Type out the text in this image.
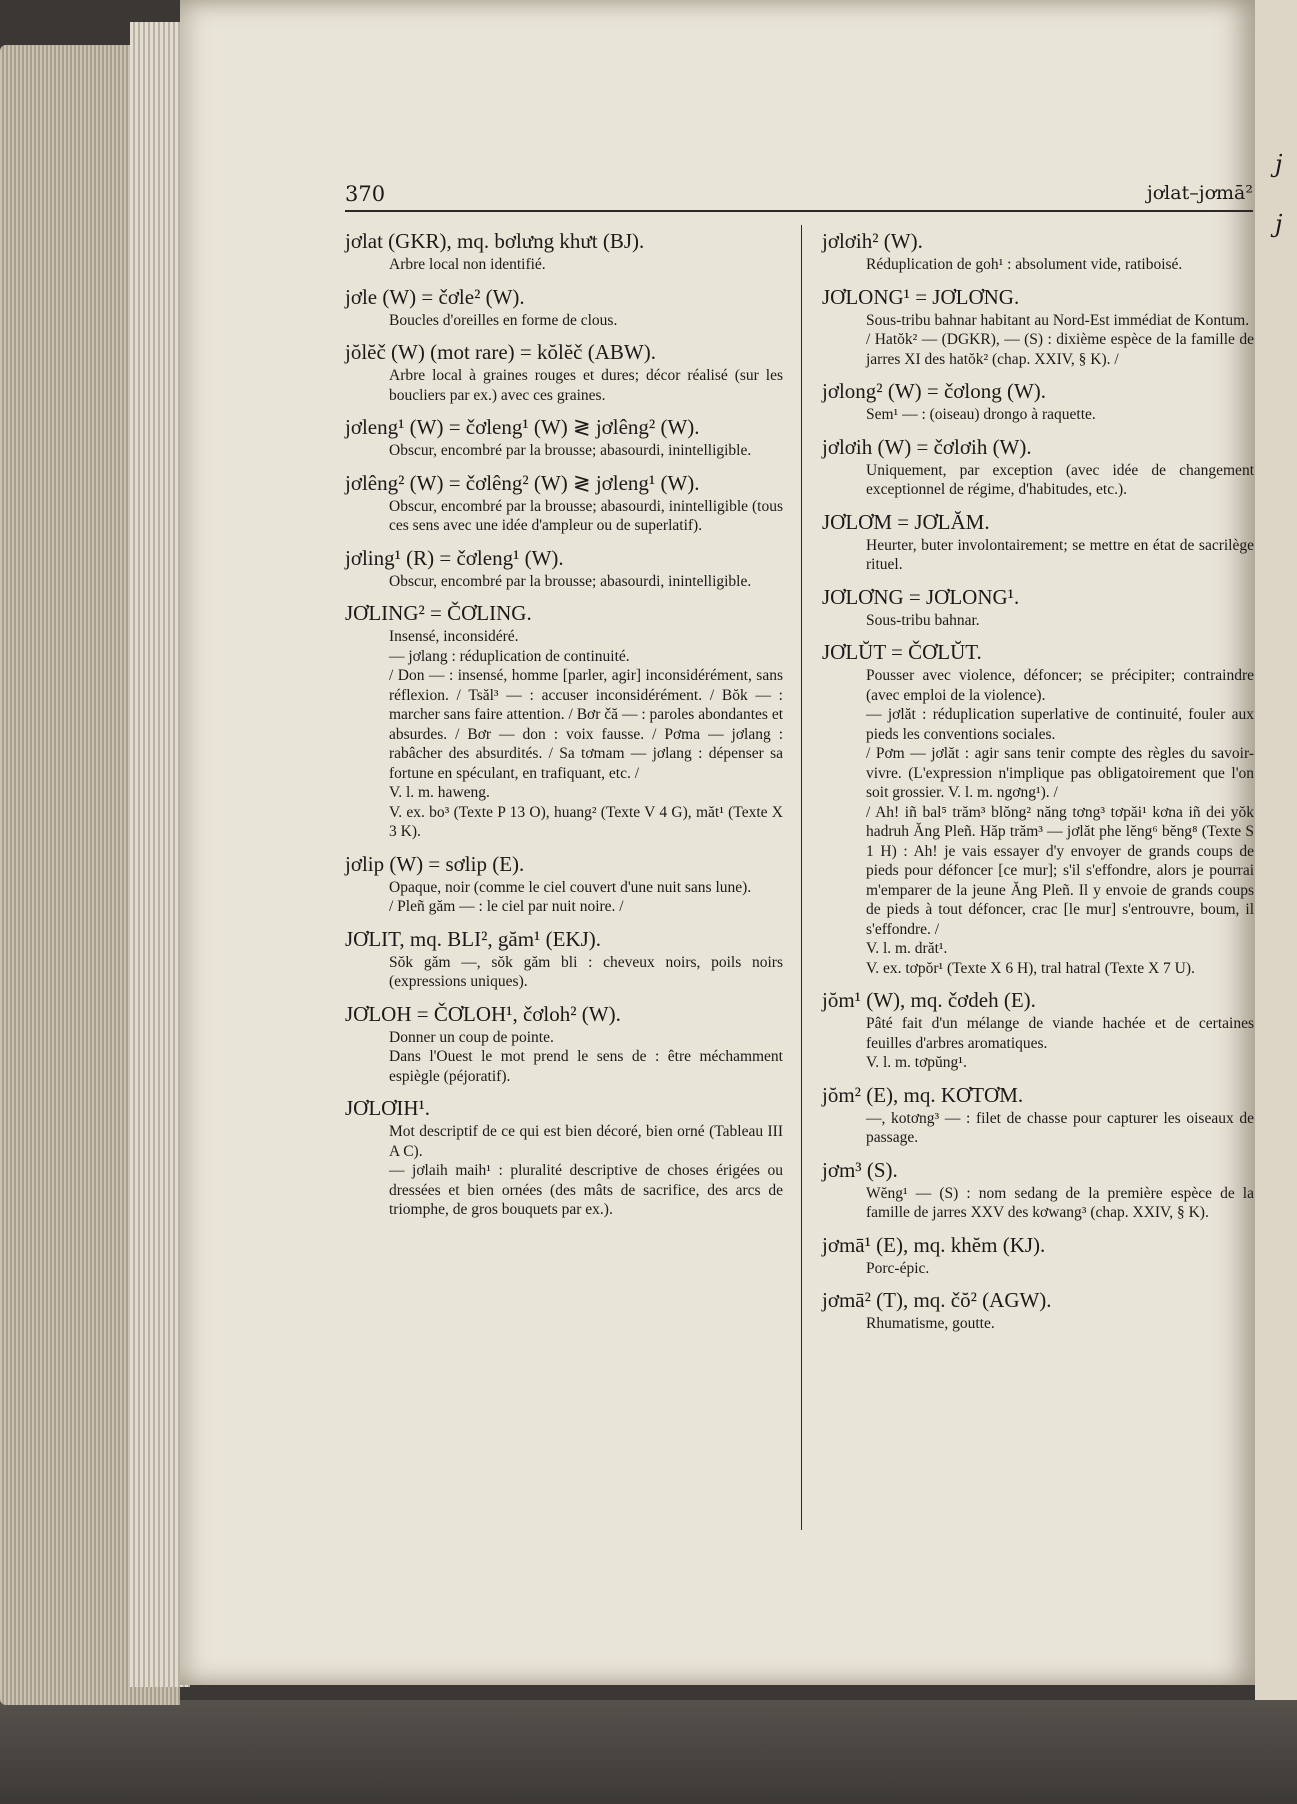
j
j
370	jơlat–jơmā²
jơlat (GKR), mq. bơlưng khưt (BJ).

Arbre local non identifié.

jơle (W) = čơle² (W).

Boucles d'oreilles en forme de clous.

jŏlĕč (W) (mot rare) = kŏlĕč (ABW).

Arbre local à graines rouges et dures; décor réalisé (sur les boucliers par ex.) avec ces graines.

jơleng¹ (W) = čơleng¹ (W) ≷ jơlêng² (W).

Obscur, encombré par la brousse; abasourdi, inintelligible.

jơlêng² (W) = čơlêng² (W) ≷ jơleng¹ (W).

Obscur, encombré par la brousse; abasourdi, inintelligible (tous ces sens avec une idée d'ampleur ou de superlatif).

jơling¹ (R) = čơleng¹ (W).

Obscur, encombré par la brousse; abasourdi, inintelligible.

JƠLING² = ČƠLING.

Insensé, inconsidéré.

— jơlang : réduplication de continuité.

/ Don — : insensé, homme [parler, agir] inconsidérément, sans réflexion. / Tsăl³ — : accuser inconsidérément. / Bŏk — : marcher sans faire attention. / Bơr čă — : paroles abondantes et absurdes. / Bơr — don : voix fausse. / Pơma — jơlang : rabâcher des absurdités. / Sa tơmam — jơlang : dépenser sa fortune en spéculant, en trafiquant, etc. /

V. l. m. haweng.

V. ex. bo³ (Texte P 13 O), huang² (Texte V 4 G), măt¹ (Texte X 3 K).

jơlip (W) = sơlip (E).

Opaque, noir (comme le ciel couvert d'une nuit sans lune).

/ Pleñ găm — : le ciel par nuit noire. /

JƠLIT, mq. BLI², găm¹ (EKJ).

Sŏk găm —, sŏk găm bli : cheveux noirs, poils noirs (expressions uniques).

JƠLOH = ČƠLOH¹, čơloh² (W).

Donner un coup de pointe.

Dans l'Ouest le mot prend le sens de : être méchamment espiègle (péjoratif).

JƠLƠIH¹.

Mot descriptif de ce qui est bien décoré, bien orné (Tableau III A C).

— jơlaih maih¹ : pluralité descriptive de choses érigées ou dressées et bien ornées (des mâts de sacrifice, des arcs de triomphe, de gros bouquets par ex.).

jơlơih² (W).

Réduplication de goh¹ : absolument vide, ratiboisé.

JƠLONG¹ = JƠLƠNG.

Sous-tribu bahnar habitant au Nord-Est immédiat de Kontum.

/ Hatŏk² — (DGKR), — (S) : dixième espèce de la famille de jarres XI des hatŏk² (chap. XXIV, § K). /

jơlong² (W) = čơlong (W).

Sem¹ — : (oiseau) drongo à raquette.

jơlơih (W) = čơlơih (W).

Uniquement, par exception (avec idée de changement exceptionnel de régime, d'habitudes, etc.).

JƠLƠM = JƠLĂM.

Heurter, buter involontairement; se mettre en état de sacrilège rituel.

JƠLƠNG = JƠLONG¹.

Sous-tribu bahnar.

JƠLŬT = ČƠLŬT.

Pousser avec violence, défoncer; se précipiter; contraindre (avec emploi de la violence).

— jơlăt : réduplication superlative de continuité, fouler aux pieds les conventions sociales.

/ Pơm — jơlăt : agir sans tenir compte des règles du savoir-vivre. (L'expression n'implique pas obligatoirement que l'on soit grossier. V. l. m. ngơng¹). /

/ Ah! iñ bal⁵ trăm³ blŏng² năng tơng³ tơpăi¹ kơna iñ dei yŏk hadruh Ăng Pleñ. Hăp trăm³ — jơlăt phe lĕng⁶ bĕng⁸ (Texte S 1 H) : Ah! je vais essayer d'y envoyer de grands coups de pieds pour défoncer [ce mur]; s'il s'effondre, alors je pourrai m'emparer de la jeune Ăng Pleñ. Il y envoie de grands coups de pieds à tout défoncer, crac [le mur] s'entrouvre, boum, il s'effondre. /

V. l. m. drăt¹.

V. ex. tơpŏr¹ (Texte X 6 H), tral hatral (Texte X 7 U).

jŏm¹ (W), mq. čơdeh (E).

Pâté fait d'un mélange de viande hachée et de certaines feuilles d'arbres aromatiques.

V. l. m. tơpŭng¹.

jŏm² (E), mq. KƠTƠM.

—, kotơng³ — : filet de chasse pour capturer les oiseaux de passage.

jơm³ (S).

Wĕng¹ — (S) : nom sedang de la première espèce de la famille de jarres XXV des kơwang³ (chap. XXIV, § K).

jơmā¹ (E), mq. khĕm (KJ).

Porc-épic.

jơmā² (T), mq. čŏ² (AGW).

Rhumatisme, goutte.
